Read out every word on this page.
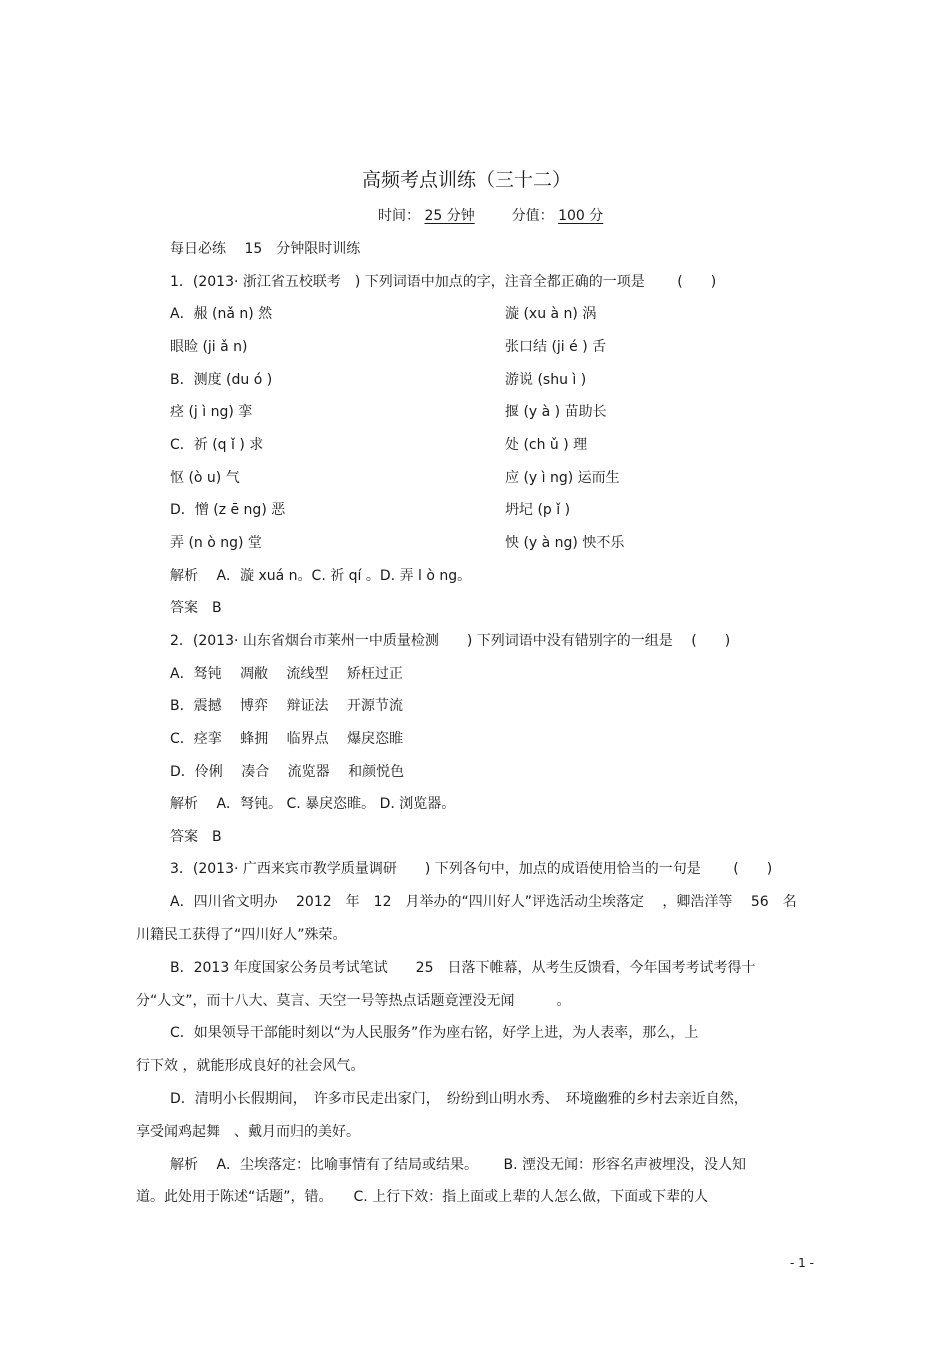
高频考点训练（三十二）
时间： 25 分钟	分值： 100 分
每日必练　 15　分钟限时训练
1．(2013· 浙江省五校联考　) 下列词语中加点的字，注音全都正确的一项是　　 (　　)
A．赧 (nǎ n) 然	漩 (xu à n) 涡
眼睑 (ji ǎ n)	张口结 (ji é ) 舌
B．测度 (du ó )	游说 (shu ì )
痉 (j ì ng) 挛	揠 (y à ) 苗助长
C．祈 (q ǐ ) 求	处 (ch ǔ ) 理
怄 (ò u) 气	应 (y ì ng) 运而生
D．憎 (z ē ng) 恶	坍圮 (p ǐ )
弄 (n ò ng) 堂	怏 (y à ng) 怏不乐
解析　 A．漩 xuá n。C. 祈 qí 。D. 弄 l ò ng。
答案　B
2．(2013· 山东省烟台市莱州一中质量检测　　) 下列词语中没有错别字的一组是　 (　　)
A．驽钝　 凋敝　 流线型　 矫枉过正
B．震撼　 博弈　 辩证法　 开源节流
C．痉挛　 蜂拥　 临界点　 爆戾恣睢
D．伶俐　 凑合　 流览器　 和颜悦色
解析　 A．弩钝。 C. 暴戾恣睢。 D. 浏览器。
答案　B
3．(2013· 广西来宾市教学质量调研　　) 下列各句中，加点的成语使用恰当的一句是　　 (　　)
A．四川省文明办　 2012　年　12　月举办的“四川好人”评选活动尘埃落定　 ，卿浩洋等　 56　名
川籍民工获得了“四川好人”殊荣。
B．2013 年度国家公务员考试笔试　　25　日落下帷幕，从考生反馈看，今年国考考试考得十
分“人文”，而十八大、莫言、天空一号等热点话题竟湮没无闻　　　。
C．如果领导干部能时刻以“为人民服务”作为座右铭，好学上进，为人表率，那么，上
行下效 ，就能形成良好的社会风气。
D．清明小长假期间，　许多市民走出家门，　纷纷到山明水秀、　环境幽雅的乡村去亲近自然，
享受闻鸡起舞　、戴月而归的美好。
解析　 A．尘埃落定：比喻事情有了结局或结果。　　 B. 湮没无闻：形容名声被埋没，没人知
道。此处用于陈述“话题”，错。　　C. 上行下效：指上面或上辈的人怎么做，下面或下辈的人
- 1 -
